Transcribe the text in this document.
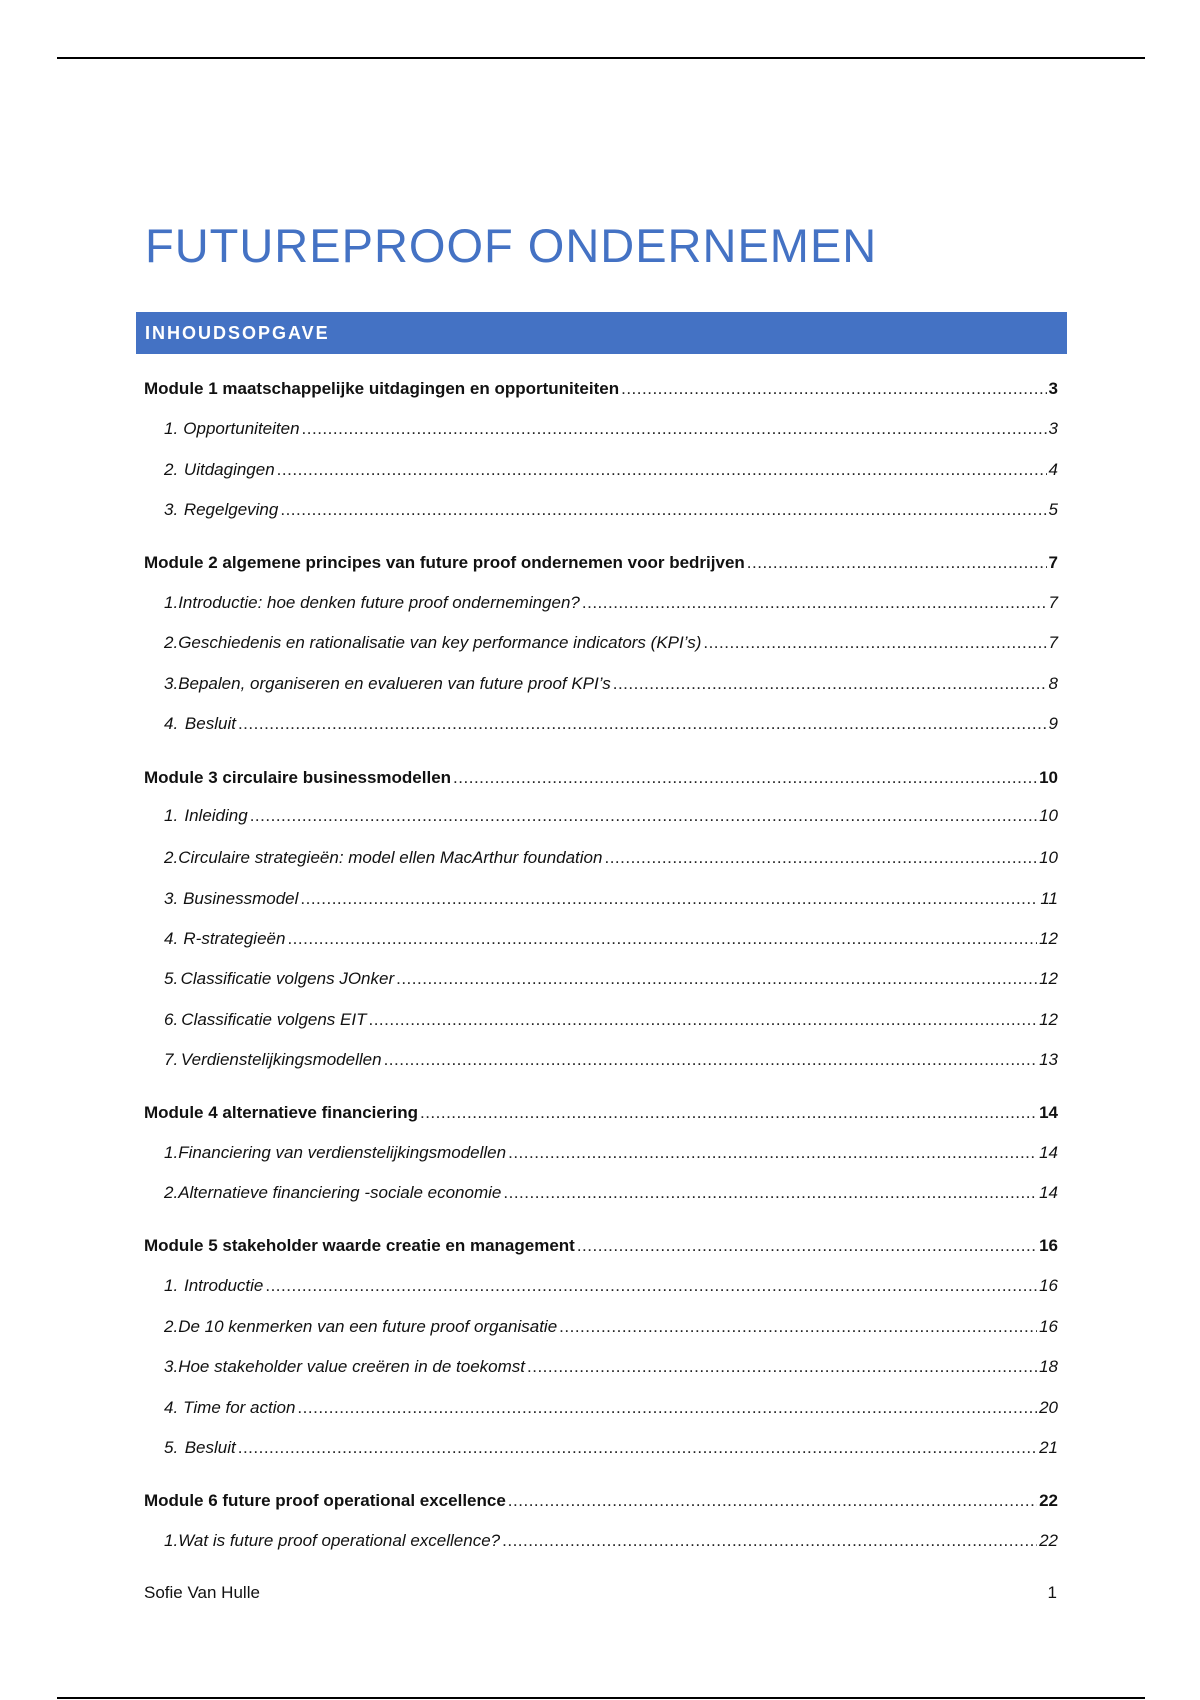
FUTUREPROOF ONDERNEMEN
INHOUDSOPGAVE
Module 1 maatschappelijke uitdagingen en opportuniteiten .....	3
1. Opportuniteiten .....	3
2. Uitdagingen .....	4
3. Regelgeving .....	5
Module 2 algemene principes van future proof ondernemen voor bedrijven .....	7
1. Introductie: hoe denken future proof ondernemingen? .....	7
2. Geschiedenis en rationalisatie van key performance indicators (KPI’s) .....	7
3. Bepalen, organiseren en evalueren van future proof KPI’s .....	8
4. Besluit .....	9
Module 3 circulaire businessmodellen .....	10
1. Inleiding .....	10
2. Circulaire strategieën: model ellen MacArthur foundation .....	10
3. Businessmodel .....	11
4. R-strategieën .....	12
5. Classificatie volgens JOnker .....	12
6. Classificatie volgens EIT .....	12
7. Verdienstelijkingsmodellen .....	13
Module 4 alternatieve financiering .....	14
1. Financiering van verdienstelijkingsmodellen .....	14
2. Alternatieve financiering -sociale economie .....	14
Module 5 stakeholder waarde creatie en management .....	16
1. Introductie .....	16
2. De 10 kenmerken van een future proof organisatie .....	16
3. Hoe stakeholder value creëren in de toekomst .....	18
4. Time for action .....	20
5. Besluit .....	21
Module 6 future proof operational excellence .....	22
1. Wat is future proof operational excellence? .....	22
Sofie Van Hulle	1
